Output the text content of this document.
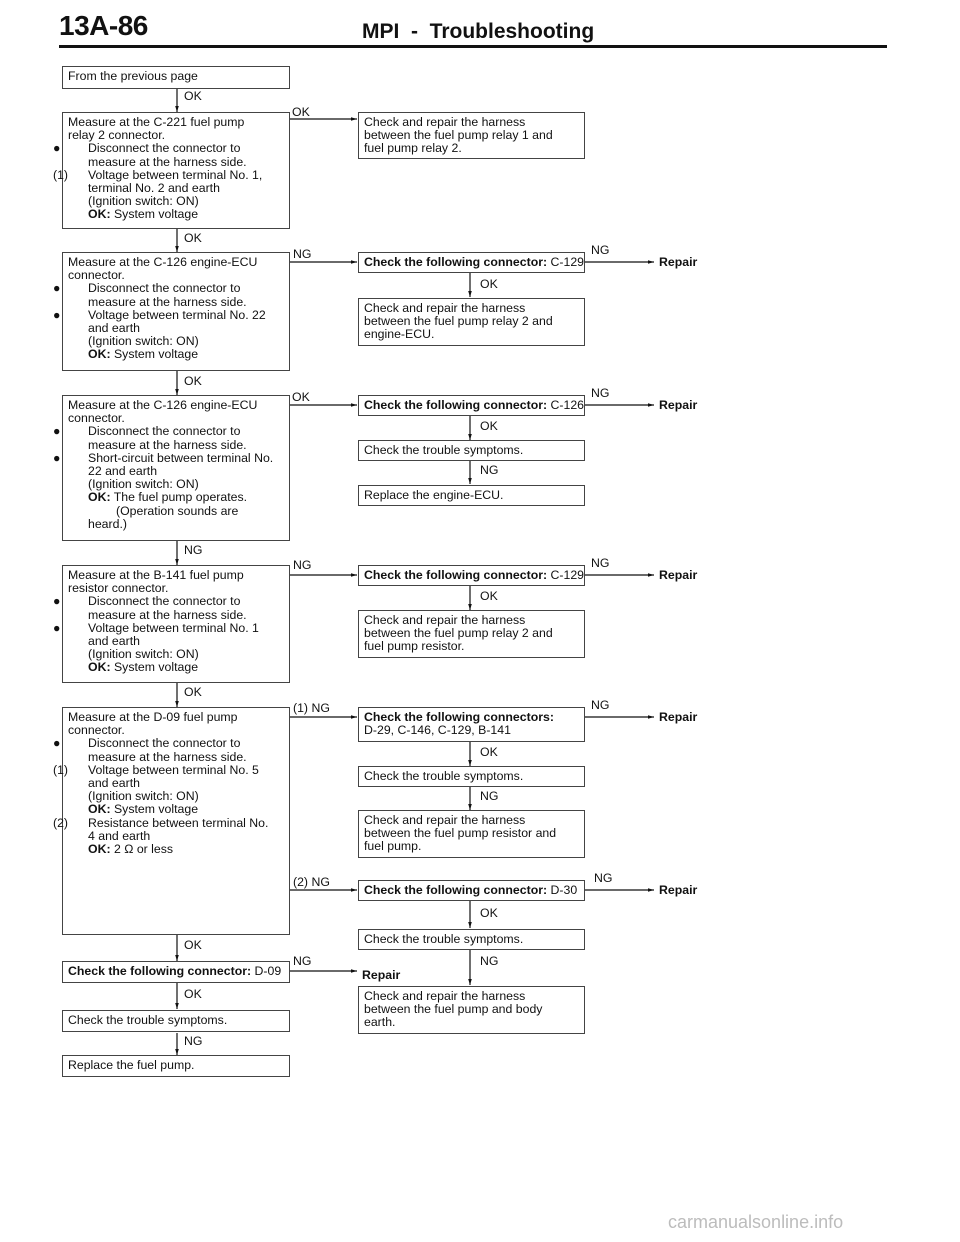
13A-86	MPI  -  Troubleshooting
From the previous page
OK
Measure at the C-221 fuel pump
relay 2 connector.
● Disconnect the connector to
measure at the harness side.
(1) Voltage between terminal No. 1,
terminal No. 2 and earth
(Ignition switch: ON)
OK: System voltage
OK
Check and repair the harness
between the fuel pump relay 1 and
fuel pump relay 2.
OK
Measure at the C-126 engine-ECU
connector.
● Disconnect the connector to
measure at the harness side.
● Voltage between terminal No. 22
and earth
(Ignition switch: ON)
OK: System voltage
NG
Check the following connector: C-129
NG
Repair
OK
Check and repair the harness
between the fuel pump relay 2 and
engine-ECU.
OK
Measure at the C-126 engine-ECU
connector.
● Disconnect the connector to
measure at the harness side.
● Short-circuit between terminal No.
22 and earth
(Ignition switch: ON)
OK: The fuel pump operates.
(Operation sounds are
heard.)
OK
Check the following connector: C-126
NG
Repair
OK
Check the trouble symptoms.
NG
Replace the engine-ECU.
NG
Measure at the B-141 fuel pump
resistor connector.
● Disconnect the connector to
measure at the harness side.
● Voltage between terminal No. 1
and earth
(Ignition switch: ON)
OK: System voltage
NG
Check the following connector: C-129
NG
Repair
OK
Check and repair the harness
between the fuel pump relay 2 and
fuel pump resistor.
OK
Measure at the D-09 fuel pump
connector.
● Disconnect the connector to
measure at the harness side.
(1) Voltage between terminal No. 5
and earth
(Ignition switch: ON)
OK: System voltage
(2) Resistance between terminal No.
4 and earth
OK: 2 Ω or less
(1) NG
Check the following connectors:
D-29, C-146, C-129, B-141
NG
Repair
OK
Check the trouble symptoms.
NG
Check and repair the harness
between the fuel pump resistor and
fuel pump.
(2) NG
Check the following connector: D-30
NG
Repair
OK
Check the trouble symptoms.
NG
Check and repair the harness
between the fuel pump and body
earth.
OK
Check the following connector: D-09
NG
Repair
OK
Check the trouble symptoms.
NG
Replace the fuel pump.
carmanualsonline.info
